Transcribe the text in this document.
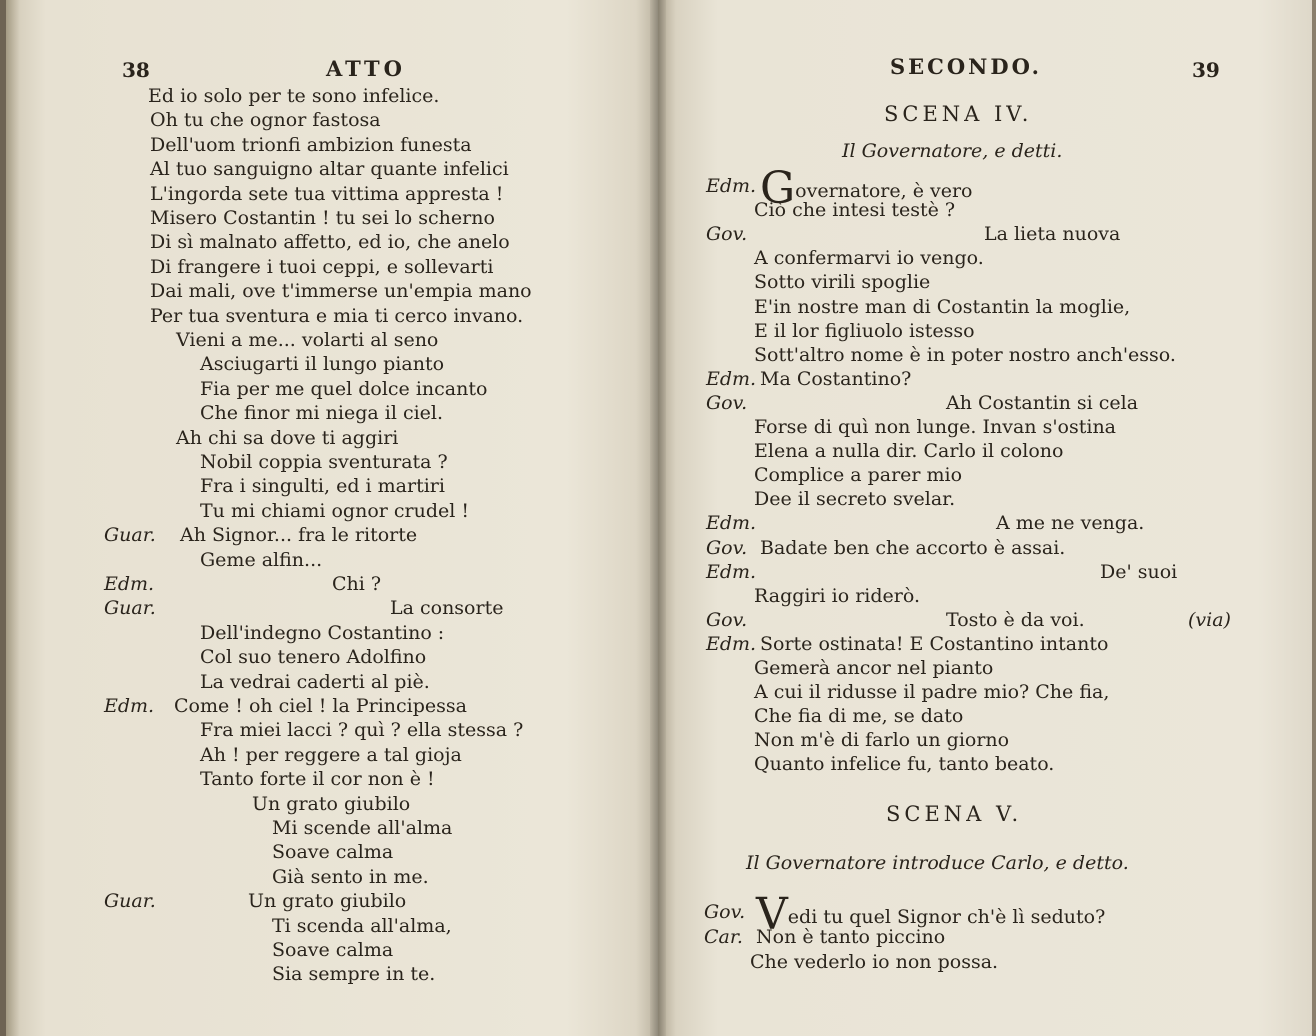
38	ATTO
Ed io solo per te sono infelice.
Oh tu che ognor fastosa
Dell'uom trionfi ambizion funesta
Al tuo sanguigno altar quante infelici
L'ingorda sete tua vittima appresta !
Misero Costantin ! tu sei lo scherno
Di sì malnato affetto, ed io, che anelo
Di frangere i tuoi ceppi, e sollevarti
Dai mali, ove t'immerse un'empia mano
Per tua sventura e mia ti cerco invano.
Vieni a me... volarti al seno
Asciugarti il lungo pianto
Fia per me quel dolce incanto
Che finor mi niega il ciel.
Ah chi sa dove ti aggiri
Nobil coppia sventurata ?
Fra i singulti, ed i martiri
Tu mi chiami ognor crudel !
Guar. Ah Signor... fra le ritorte
Geme alfin...
Edm.	Chi ?
Guar.	La consorte
Dell'indegno Costantino :
Col suo tenero Adolfino
La vedrai caderti al piè.
Edm. Come ! oh ciel ! la Principessa
Fra miei lacci ? quì ? ella stessa ?
Ah ! per reggere a tal gioja
Tanto forte il cor non è !
Un grato giubilo
Mi scende all'alma
Soave calma
Già sento in me.
Guar.	Un grato giubilo
Ti scenda all'alma,
Soave calma
Sia sempre in te.
SECONDO.	39
SCENA IV.
Il Governatore, e detti.
Edm. Governatore, è vero
Ciò che intesi testè ?
Gov.	La lieta nuova
A confermarvi io vengo.
Sotto virili spoglie
E'in nostre man di Costantin la moglie,
E il lor figliuolo istesso
Sott'altro nome è in poter nostro anch'esso.
Edm. Ma Costantino?
Gov.	Ah Costantin si cela
Forse di quì non lunge. Invan s'ostina
Elena a nulla dir. Carlo il colono
Complice a parer mio
Dee il secreto svelar.
Edm.	A me ne venga.
Gov. Badate ben che accorto è assai.
Edm.	De' suoi
Raggiri io riderò.
Gov.	Tosto è da voi.	(via)
Edm. Sorte ostinata! E Costantino intanto
Gemerà ancor nel pianto
A cui il ridusse il padre mio? Che fia,
Che fia di me, se dato
Non m'è di farlo un giorno
Quanto infelice fu, tanto beato.
SCENA V.
Il Governatore introduce Carlo, e detto.
Gov. Vedi tu quel Signor ch'è lì seduto?
Car. Non è tanto piccino
Che vederlo io non possa.
